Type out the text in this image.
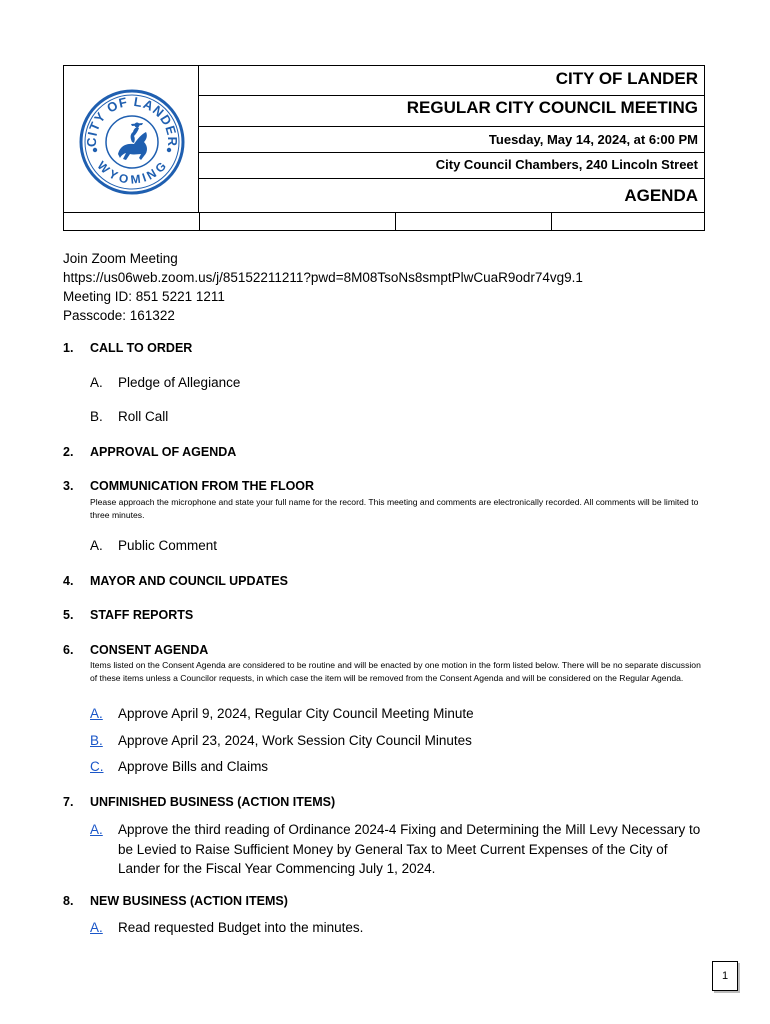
CITY OF LANDER
WYOMING
CITY OF LANDER
REGULAR CITY COUNCIL MEETING
Tuesday, May 14, 2024, at 6:00 PM
City Council Chambers, 240 Lincoln Street
AGENDA
Join Zoom Meeting
https://us06web.zoom.us/j/85152211211?pwd=8M08TsoNs8smptPlwCuaR9odr74vg9.1
Meeting ID: 851 5221 1211
Passcode: 161322
1. CALL TO ORDER
A. Pledge of Allegiance
B. Roll Call
2. APPROVAL OF AGENDA
3. COMMUNICATION FROM THE FLOOR
Please approach the microphone and state your full name for the record. This meeting and comments are electronically recorded. All comments will be limited to three minutes.
A. Public Comment
4. MAYOR AND COUNCIL UPDATES
5. STAFF REPORTS
6. CONSENT AGENDA
Items listed on the Consent Agenda are considered to be routine and will be enacted by one motion in the form listed below. There will be no separate discussion of these items unless a Councilor requests, in which case the item will be removed from the Consent Agenda and will be considered on the Regular Agenda.
A. Approve April 9, 2024, Regular City Council Meeting Minute
B. Approve April 23, 2024, Work Session City Council Minutes
C. Approve Bills and Claims
7. UNFINISHED BUSINESS (ACTION ITEMS)
A.	Approve the third reading of Ordinance 2024-4 Fixing and Determining the Mill Levy Necessary to be Levied to Raise Sufficient Money by General Tax to Meet Current Expenses of the City of Lander for the Fiscal Year Commencing July 1, 2024.
8. NEW BUSINESS (ACTION ITEMS)
A. Read requested Budget into the minutes.
1
